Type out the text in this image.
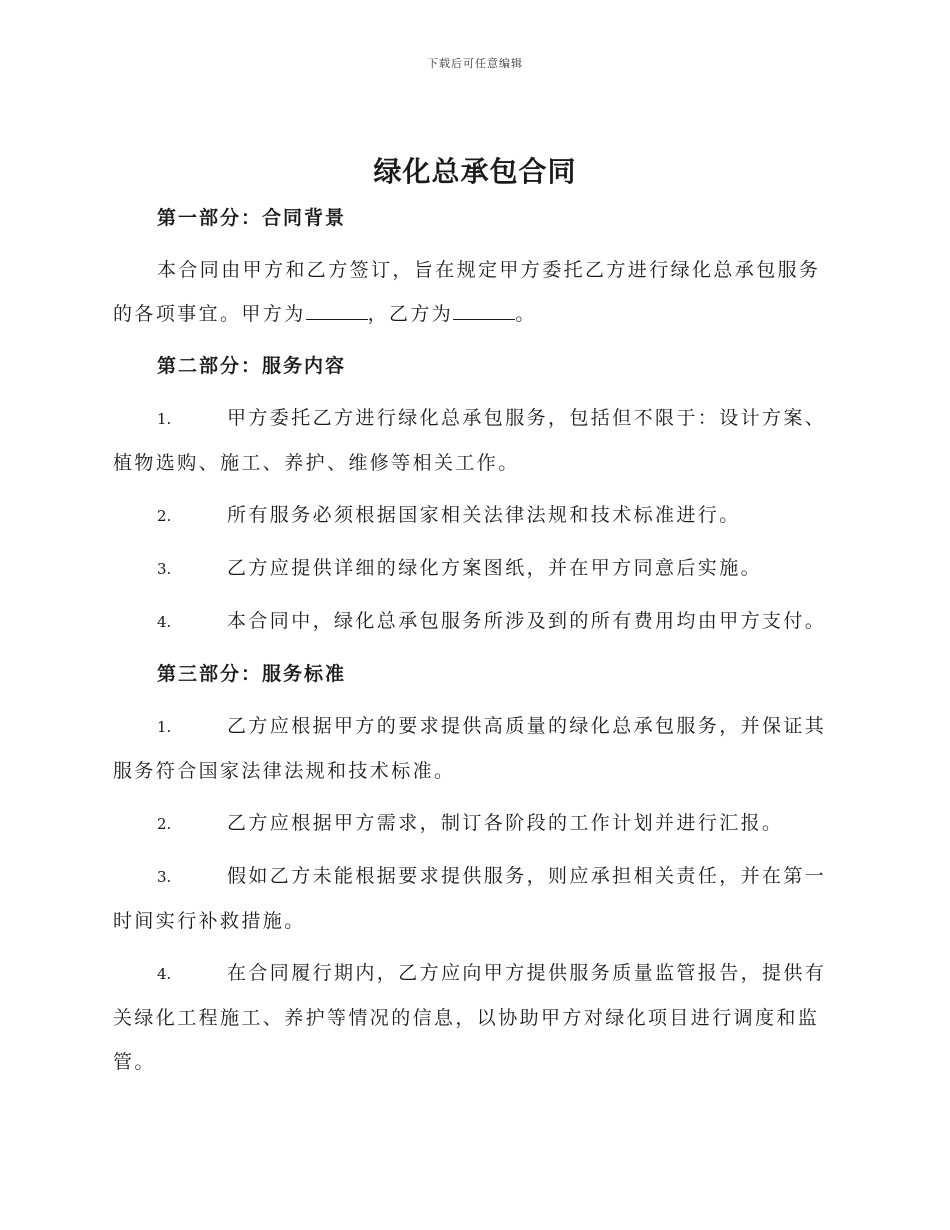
下载后可任意编辑
绿化总承包合同
第一部分：合同背景

本合同由甲方和乙方签订，旨在规定甲方委托乙方进行绿化总承包服务的各项事宜。甲方为	，乙方为	。

第二部分：服务内容

1.	甲方委托乙方进行绿化总承包服务，包括但不限于：设计方案、植物选购、施工、养护、维修等相关工作。

2.	所有服务必须根据国家相关法律法规和技术标准进行。

3.	乙方应提供详细的绿化方案图纸，并在甲方同意后实施。

4.	本合同中，绿化总承包服务所涉及到的所有费用均由甲方支付。

第三部分：服务标准

1.	乙方应根据甲方的要求提供高质量的绿化总承包服务，并保证其服务符合国家法律法规和技术标准。

2.	乙方应根据甲方需求，制订各阶段的工作计划并进行汇报。

3.	假如乙方未能根据要求提供服务，则应承担相关责任，并在第一时间实行补救措施。

4.	在合同履行期内，乙方应向甲方提供服务质量监管报告，提供有关绿化工程施工、养护等情况的信息，以协助甲方对绿化项目进行调度和监管。
